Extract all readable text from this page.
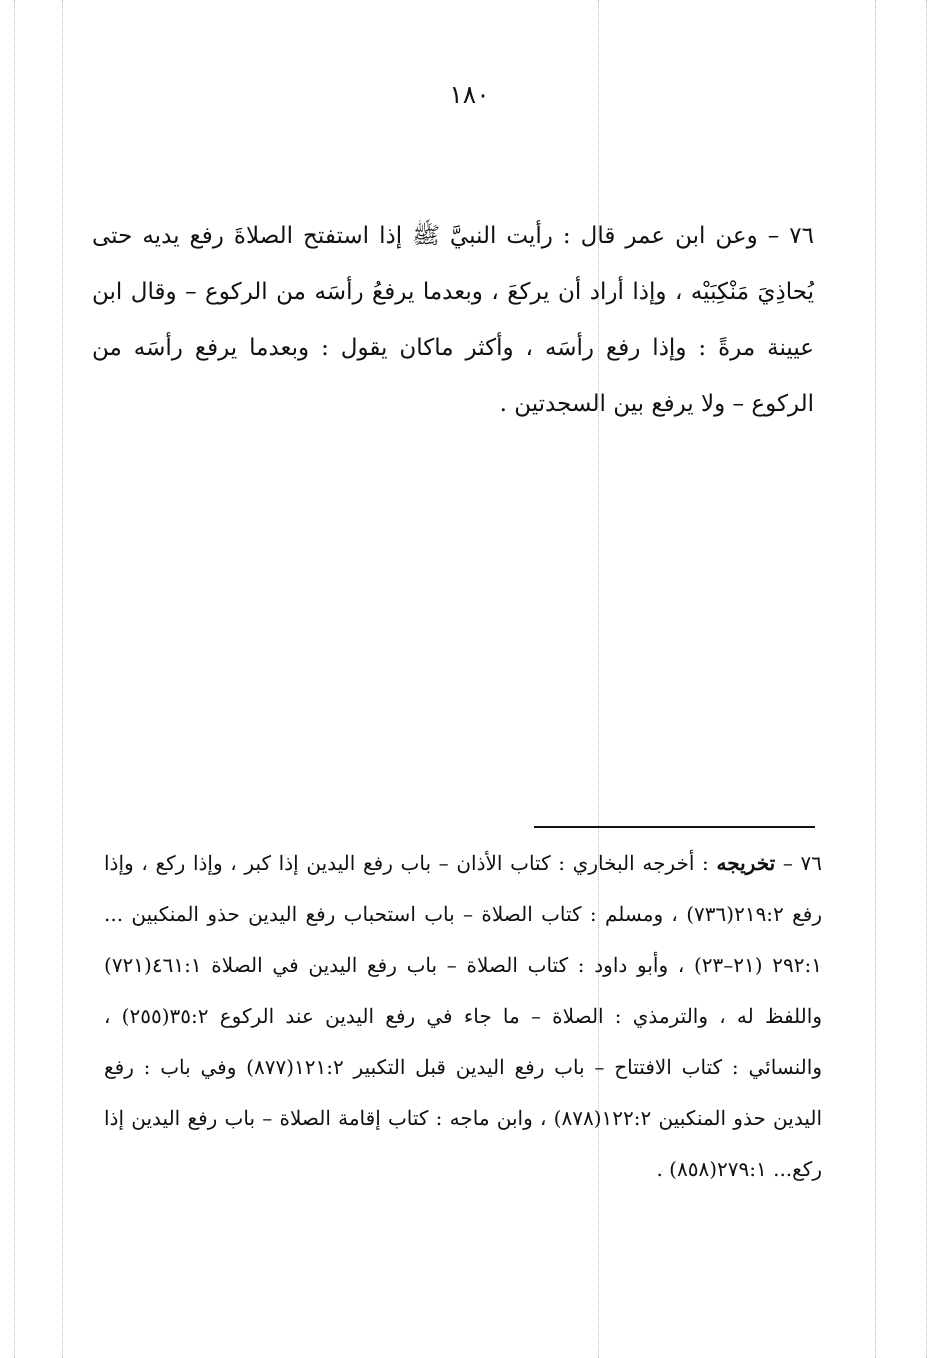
١٨٠

٧٦ – وعن ابن عمر قال : رأيت النبيَّ ﷺ إذا استفتح الصلاةَ رفع يديه حتى يُحاذِيَ مَنْكِبَيْه ، وإذا أراد أن يركعَ ، وبعدما يرفعُ رأسَه من الركوع – وقال ابن عيينة مرةً : وإذا رفع رأسَه ، وأكثر ماكان يقول : وبعدما يرفع رأسَه من الركوع – ولا يرفع بين السجدتين .

٧٦ – تخريجه : أخرجه البخاري : كتاب الأذان – باب رفع اليدين إذا كبر ، وإذا ركع ، وإذا رفع ٢١٩:٢(٧٣٦) ، ومسلم : كتاب الصلاة – باب استحباب رفع اليدين حذو المنكبين ... ٢٩٢:١ (٢١–٢٣) ، وأبو داود : كتاب الصلاة – باب رفع اليدين في الصلاة ٤٦١:١(٧٢١) واللفظ له ، والترمذي : الصلاة – ما جاء في رفع اليدين عند الركوع ٣٥:٢(٢٥٥) ، والنسائي : كتاب الافتتاح – باب رفع اليدين قبل التكبير ١٢١:٢(٨٧٧) وفي باب : رفع اليدين حذو المنكبين ١٢٢:٢(٨٧٨) ، وابن ماجه : كتاب إقامة الصلاة – باب رفع اليدين إذا ركع... ٢٧٩:١(٨٥٨) .
